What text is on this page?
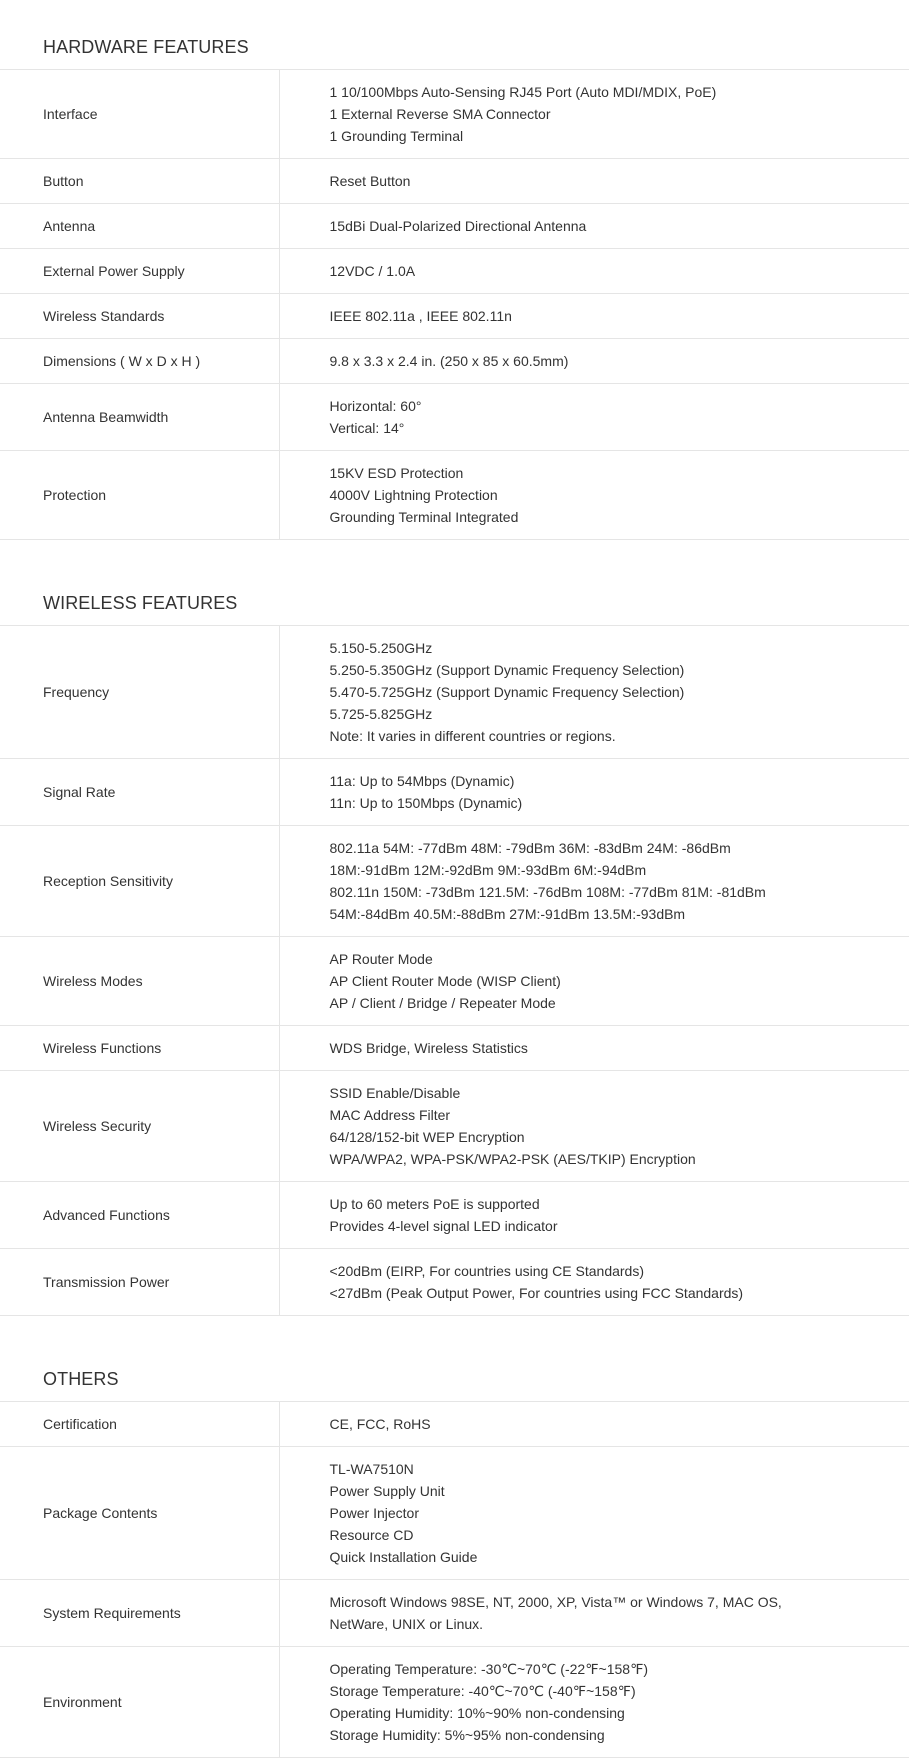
HARDWARE FEATURES
Interface	1 10/100Mbps Auto-Sensing RJ45 Port (Auto MDI/MDIX, PoE)
1 External Reverse SMA Connector
1 Grounding Terminal

Button	Reset Button

Antenna	15dBi Dual-Polarized Directional Antenna

External Power Supply	12VDC / 1.0A

Wireless Standards	IEEE 802.11a , IEEE 802.11n

Dimensions ( W x D x H )	9.8 x 3.3 x 2.4 in. (250 x 85 x 60.5mm)

Antenna Beamwidth	Horizontal: 60°
Vertical: 14°

Protection	15KV ESD Protection
4000V Lightning Protection
Grounding Terminal Integrated
WIRELESS FEATURES
Frequency	5.150-5.250GHz
5.250-5.350GHz (Support Dynamic Frequency Selection)
5.470-5.725GHz (Support Dynamic Frequency Selection)
5.725-5.825GHz
Note: It varies in different countries or regions.

Signal Rate	11a: Up to 54Mbps (Dynamic)
11n: Up to 150Mbps (Dynamic)

Reception Sensitivity	802.11a 54M: -77dBm 48M: -79dBm 36M: -83dBm 24M: -86dBm
18M:-91dBm 12M:-92dBm 9M:-93dBm 6M:-94dBm
802.11n 150M: -73dBm 121.5M: -76dBm 108M: -77dBm 81M: -81dBm
54M:-84dBm 40.5M:-88dBm 27M:-91dBm 13.5M:-93dBm

Wireless Modes	AP Router Mode
AP Client Router Mode (WISP Client)
AP / Client / Bridge / Repeater Mode

Wireless Functions	WDS Bridge, Wireless Statistics

Wireless Security	SSID Enable/Disable
MAC Address Filter
64/128/152-bit WEP Encryption
WPA/WPA2, WPA-PSK/WPA2-PSK (AES/TKIP) Encryption

Advanced Functions	Up to 60 meters PoE is supported
Provides 4-level signal LED indicator

Transmission Power	<20dBm (EIRP, For countries using CE Standards)
<27dBm (Peak Output Power, For countries using FCC Standards)
OTHERS
Certification	CE, FCC, RoHS

Package Contents	TL-WA7510N
Power Supply Unit
Power Injector
Resource CD
Quick Installation Guide

System Requirements	Microsoft Windows 98SE, NT, 2000, XP, Vista™ or Windows 7, MAC OS,
NetWare, UNIX or Linux.

Environment	Operating Temperature: -30℃~70℃ (-22℉~158℉)
Storage Temperature: -40℃~70℃ (-40℉~158℉)
Operating Humidity: 10%~90% non-condensing
Storage Humidity: 5%~95% non-condensing
